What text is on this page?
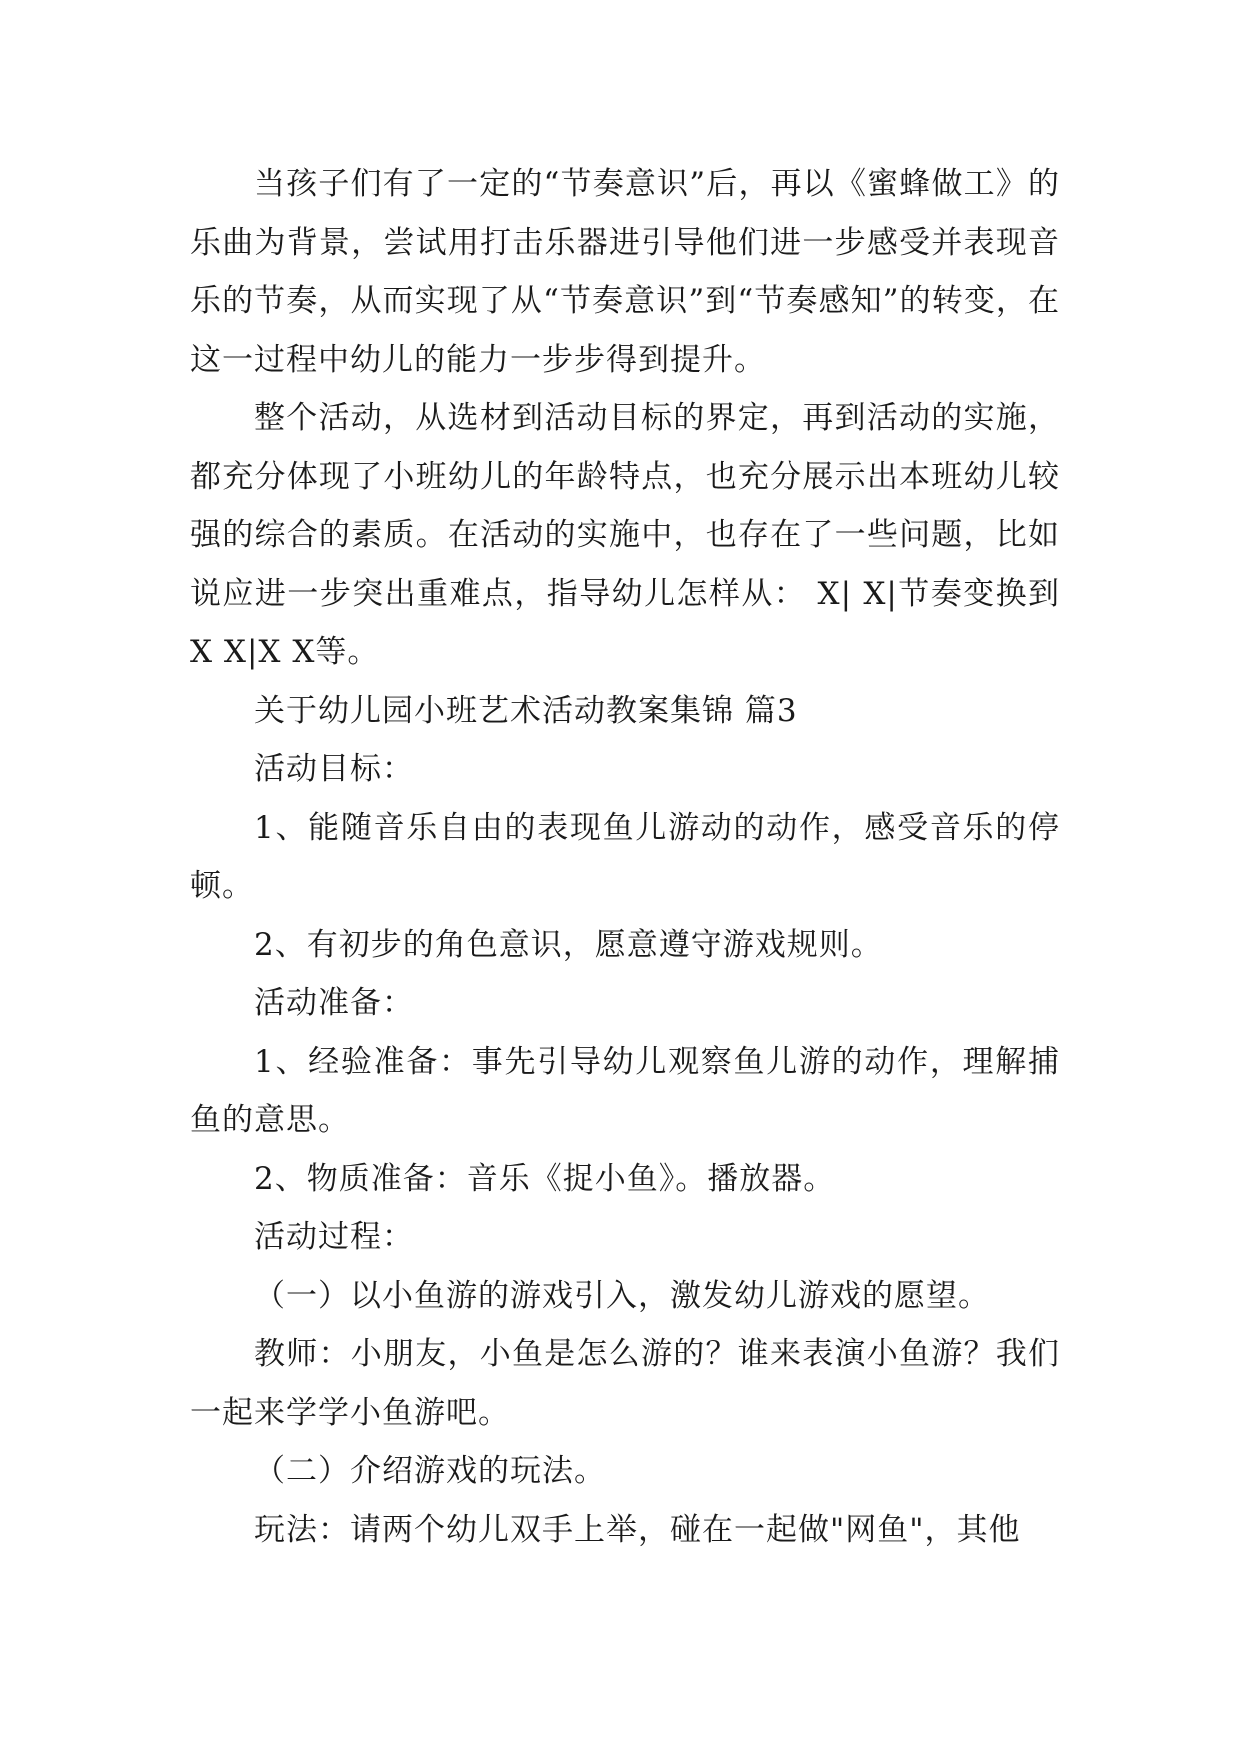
当孩子们有了一定的“节奏意识”后，再以《蜜蜂做工》的乐曲为背景，尝试用打击乐器进引导他们进一步感受并表现音乐的节奏，从而实现了从“节奏意识”到“节奏感知”的转变，在这一过程中幼儿的能力一步步得到提升。

整个活动，从选材到活动目标的界定，再到活动的实施，都充分体现了小班幼儿的年龄特点，也充分展示出本班幼儿较强的综合的素质。在活动的实施中，也存在了一些问题，比如说应进一步突出重难点，指导幼儿怎样从： X| X|节奏变换到X X|X X等。

关于幼儿园小班艺术活动教案集锦 篇3

活动目标：

1、能随音乐自由的表现鱼儿游动的动作，感受音乐的停顿。

2、有初步的角色意识，愿意遵守游戏规则。

活动准备：

1、经验准备：事先引导幼儿观察鱼儿游的动作，理解捕鱼的意思。

2、物质准备：音乐《捉小鱼》。播放器。

活动过程：

（一）以小鱼游的游戏引入，激发幼儿游戏的愿望。

教师：小朋友，小鱼是怎么游的？谁来表演小鱼游？我们一起来学学小鱼游吧。

（二）介绍游戏的玩法。

玩法：请两个幼儿双手上举，碰在一起做"网鱼"，其他
